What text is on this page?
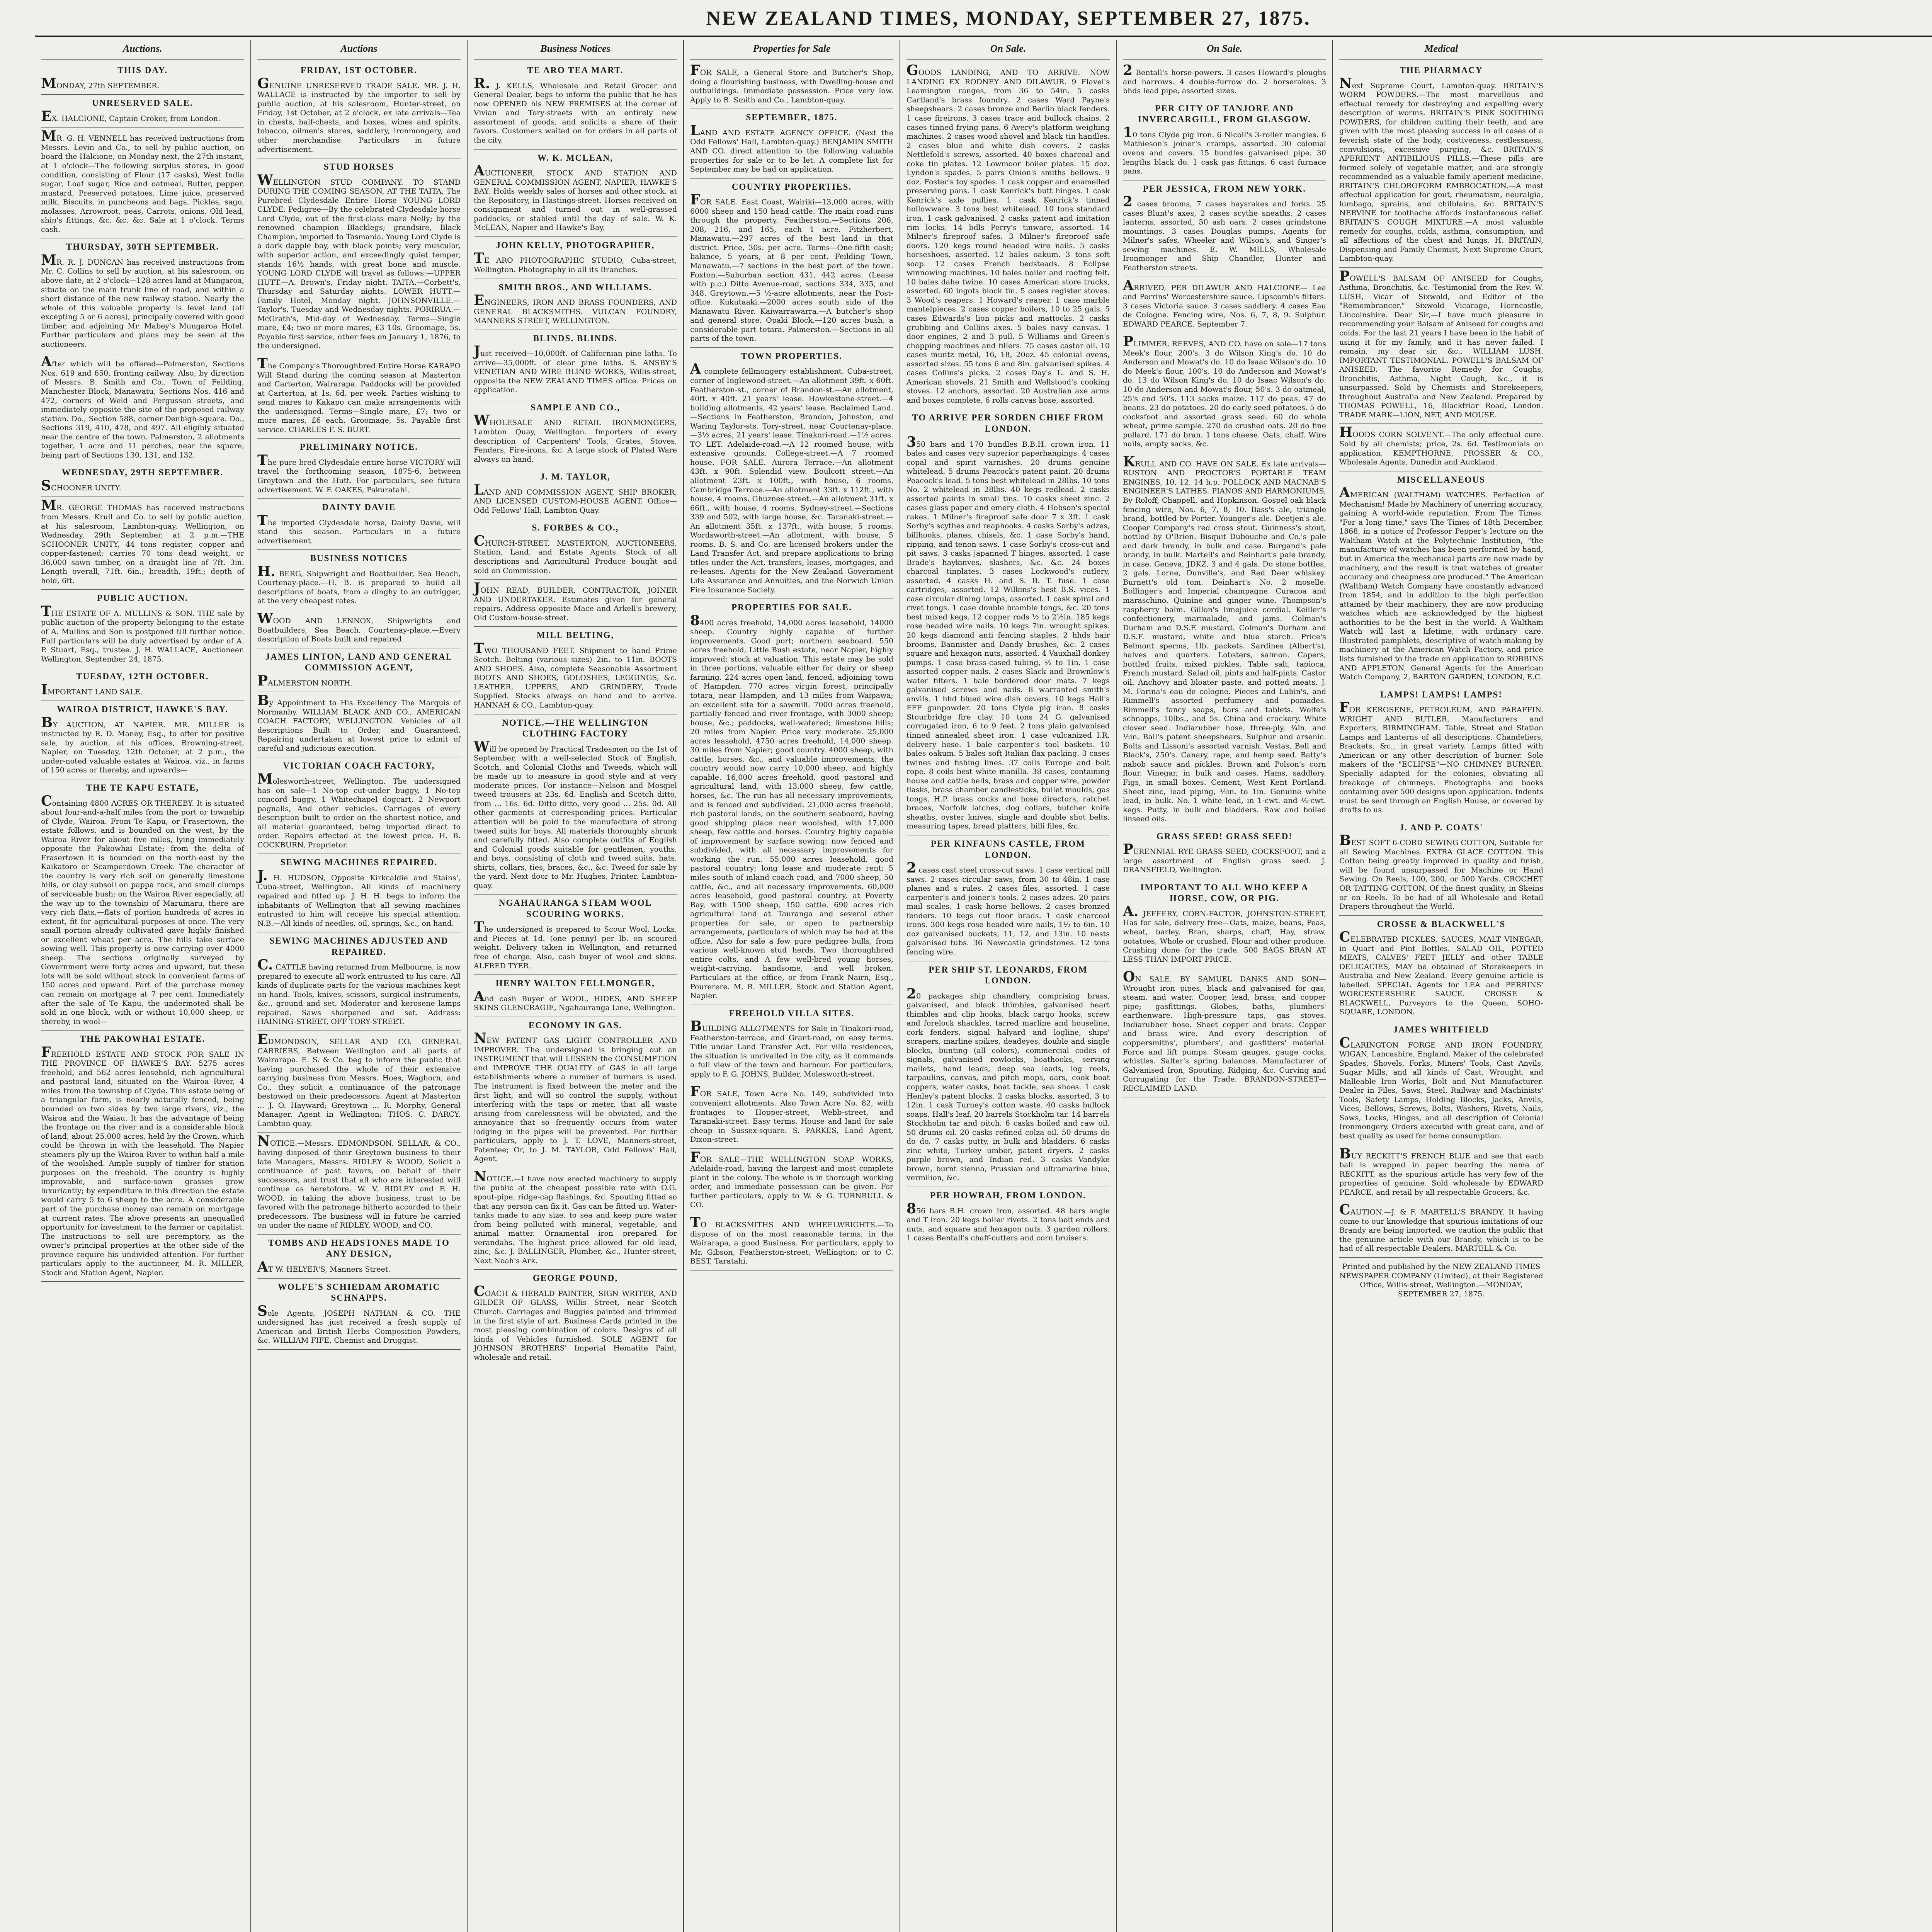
NEW ZEALAND TIMES, MONDAY, SEPTEMBER 27, 1875.
Auctions.
THIS DAY.

MONDAY, 27th SEPTEMBER.

UNRESERVED SALE.

EX. HALCIONE, Captain Croker, from London.

MR. G. H. VENNELL has received instructions from Messrs. Levin and Co., to sell by public auction, on board the Halcione, on Monday next, the 27th instant, at 1 o'clock—The following surplus stores, in good condition, consisting of Flour (17 casks), West India sugar, Loaf sugar, Rice and oatmeal, Butter, pepper, mustard, Preserved potatoes, Lime juice, preserved milk, Biscuits, in puncheons and bags, Pickles, sago, molasses, Arrowroot, peas, Carrots, onions, Old lead, ship's fittings, &c. &c. &c. Sale at 1 o'clock. Terms cash.

THURSDAY, 30TH SEPTEMBER.

MR. R. J. DUNCAN has received instructions from Mr. C. Collins to sell by auction, at his salesroom, on above date, at 2 o'clock—128 acres land at Mungaroa, situate on the main trunk line of road, and within a short distance of the new railway station. Nearly the whole of this valuable property is level land (all excepting 5 or 6 acres), principally covered with good timber, and adjoining Mr. Mabey's Mungaroa Hotel. Further particulars and plans may be seen at the auctioneers.

After which will be offered—Palmerston, Sections Nos. 619 and 650, fronting railway. Also, by direction of Messrs. B. Smith and Co., Town of Feilding, Manchester Block, Manawatu, Sections Nos. 416 and 472, corners of Weld and Fergusson streets, and immediately opposite the site of the proposed railway station. Do., Section 588, corner Denbigh-square. Do., Sections 319, 410, 478, and 497. All eligibly situated near the centre of the town. Palmerston, 2 allotments together, 1 acre and 11 perches, near the square, being part of Sections 130, 131, and 132.

WEDNESDAY, 29TH SEPTEMBER.

SCHOONER UNITY.

MR. GEORGE THOMAS has received instructions from Messrs. Krull and Co. to sell by public auction, at his salesroom, Lambton-quay, Wellington, on Wednesday, 29th September, at 2 p.m.—THE SCHOONER UNITY, 44 tons register, copper and copper-fastened; carries 70 tons dead weight, or 36,000 sawn timber, on a draught line of 7ft. 3in. Length overall, 71ft. 6in.; breadth, 19ft.; depth of hold, 6ft.

PUBLIC AUCTION.

THE ESTATE OF A. MULLINS & SON. THE sale by public auction of the property belonging to the estate of A. Mullins and Son is postponed till further notice. Full particulars will be duly advertised by order of A. P. Stuart, Esq., trustee. J. H. WALLACE, Auctioneer. Wellington, September 24, 1875.

TUESDAY, 12TH OCTOBER.

IMPORTANT LAND SALE.

WAIROA DISTRICT, HAWKE'S BAY.

BY AUCTION, AT NAPIER. MR. MILLER is instructed by R. D. Maney, Esq., to offer for positive sale, by auction, at his offices, Browning-street, Napier, on Tuesday, 12th October, at 2 p.m., the under-noted valuable estates at Wairoa, viz., in farms of 150 acres or thereby, and upwards—

THE TE KAPU ESTATE,

Containing 4800 ACRES OR THEREBY. It is situated about four-and-a-half miles from the port or township of Clyde, Wairoa. From Te Kapu, or Frasertown, the estate follows, and is bounded on the west, by the Wairoa River for about five miles, lying immediately opposite the Pakowhai Estate; from the delta of Frasertown it is bounded on the north-east by the Kaikatoro or Scamperdown Creek. The character of the country is very rich soil on generally limestone hills, or clay subsoil on pappa rock, and small clumps of serviceable bush; on the Wairoa River especially, all the way up to the township of Marumaru, there are very rich flats,—flats of portion hundreds of acres in extent, fit for agricultural purposes at once. The very small portion already cultivated gave highly finished or excellent wheat per acre. The hills take surface sowing well. This property is now carrying over 4000 sheep. The sections originally surveyed by Government were forty acres and upward, but these lots will be sold without stock in convenient farms of 150 acres and upward. Part of the purchase money can remain on mortgage at 7 per cent. Immediately after the sale of Te Kapu, the undermoted shall be sold in one block, with or without 10,000 sheep, or thereby, in wool—

THE PAKOWHAI ESTATE.

FREEHOLD ESTATE AND STOCK FOR SALE IN THE PROVINCE OF HAWKE'S BAY. 5275 acres freehold, and 562 acres leasehold, rich agricultural and pastoral land, situated on the Wairoa River, 4 miles from the township of Clyde. This estate being of a triangular form, is nearly naturally fenced, being bounded on two sides by two large rivers, viz., the Wairoa and the Waiau. It has the advantage of being the frontage on the river and is a considerable block of land, about 25,000 acres, held by the Crown, which could be thrown in with the leasehold. The Napier steamers ply up the Wairoa River to within half a mile of the woolshed. Ample supply of timber for station purposes on the freehold. The country is highly improvable, and surface-sown grasses grow luxuriantly; by expenditure in this direction the estate would carry 5 to 6 sheep to the acre. A considerable part of the purchase money can remain on mortgage at current rates. The above presents an unequalled opportunity for investment to the farmer or capitalist. The instructions to sell are peremptory, as the owner's principal properties at the other side of the province require his undivided attention. For further particulars apply to the auctioneer, M. R. MILLER, Stock and Station Agent, Napier.

Auctions
FRIDAY, 1ST OCTOBER.

GENUINE UNRESERVED TRADE SALE. MR. J. H. WALLACE is instructed by the importer to sell by public auction, at his salesroom, Hunter-street, on Friday, 1st October, at 2 o'clock, ex late arrivals—Tea in chests, half-chests, and boxes, wines and spirits, tobacco, oilmen's stores, saddlery, ironmongery, and other merchandise. Particulars in future advertisement.

STUD HORSES

WELLINGTON STUD COMPANY. TO STAND DURING THE COMING SEASON, AT THE TAITA, The Purebred Clydesdale Entire Horse YOUNG LORD CLYDE. Pedigree—By the celebrated Clydesdale horse Lord Clyde, out of the first-class mare Nelly; by the renowned champion Blacklegs; grandsire, Black Champion, imported to Tasmania. Young Lord Clyde is a dark dapple bay, with black points; very muscular, with superior action, and exceedingly quiet temper, stands 16½ hands, with great bone and muscle. YOUNG LORD CLYDE will travel as follows:—UPPER HUTT.—A. Brown's, Friday night. TAITA.—Corbett's, Thursday and Saturday nights. LOWER HUTT.—Family Hotel, Monday night. JOHNSONVILLE.—Taylor's, Tuesday and Wednesday nights. PORIRUA.—McGrath's, Mid-day of Wednesday. Terms—Single mare, £4; two or more mares, £3 10s. Groomage, 5s. Payable first service, other fees on January 1, 1876, to the undersigned.

The Company's Thoroughbred Entire Horse KARAPO Will Stand during the coming season at Masterton and Carterton, Wairarapa. Paddocks will be provided at Carterton, at 1s. 6d. per week. Parties wishing to send mares to Kakapo can make arrangements with the undersigned. Terms—Single mare, £7; two or more mares, £6 each. Groomage, 5s. Payable first service. CHARLES F. S. BURT.

PRELIMINARY NOTICE.

The pure bred Clydesdale entire horse VICTORY will travel the forthcoming season, 1875-6, between Greytown and the Hutt. For particulars, see future advertisement. W. F. OAKES, Pakuratahi.

DAINTY DAVIE

The imported Clydesdale horse, Dainty Davie, will stand this season. Particulars in a future advertisement.

BUSINESS NOTICES

H. BERG, Shipwright and Boatbuilder, Sea Beach, Courtenay-place.—H. B. is prepared to build all descriptions of boats, from a dinghy to an outrigger, at the very cheapest rates.

WOOD AND LENNOX, Shipwrights and Boatbuilders, Sea Beach, Courtenay-place.—Every description of Boats built and repaired.

JAMES LINTON, LAND AND GENERAL COMMISSION AGENT,

PALMERSTON NORTH.

By Appointment to His Excellency The Marquis of Normanby. WILLIAM BLACK AND CO., AMERICAN COACH FACTORY, WELLINGTON. Vehicles of all descriptions Built to Order, and Guaranteed. Repairing undertaken at lowest price to admit of careful and judicious execution.

VICTORIAN COACH FACTORY,

Molesworth-street, Wellington. The undersigned has on sale—1 No-top cut-under buggy, 1 No-top concord buggy, 1 Whitechapel dogcart, 2 Newport pagnalls, And other vehicles. Carriages of every description built to order on the shortest notice, and all material guaranteed, being imported direct to order. Repairs effected at the lowest price. H. B. COCKBURN, Proprietor.

SEWING MACHINES REPAIRED.

J. H. HUDSON, Opposite Kirkcaldie and Stains', Cuba-street, Wellington. All kinds of machinery repaired and fitted up. J. H. H. begs to inform the inhabitants of Wellington that all sewing machines entrusted to him will receive his special attention. N.B.—All kinds of needles, oil, springs, &c., on hand.

SEWING MACHINES ADJUSTED AND REPAIRED.

C. CATTLE having returned from Melbourne, is now prepared to execute all work entrusted to his care. All kinds of duplicate parts for the various machines kept on hand. Tools, knives, scissors, surgical instruments, &c., ground and set. Moderator and kerosene lamps repaired. Saws sharpened and set. Address: HAINING-STREET, OFF TORY-STREET.

EDMONDSON, SELLAR AND CO. GENERAL CARRIERS, Between Wellington and all parts of Wairarapa. E. S. & Co. beg to inform the public that having purchased the whole of their extensive carrying business from Messrs. Hoes, Waghorn, and Co., they solicit a continuance of the patronage bestowed on their predecessors. Agent at Masterton ... J. O. Hayward; Greytown ... R. Morphy, General Manager. Agent in Wellington: THOS. C. DARCY, Lambton-quay.

NOTICE.—Messrs. EDMONDSON, SELLAR, & CO., having disposed of their Greytown business to their late Managers, Messrs. RIDLEY & WOOD, Solicit a continuance of past favors, on behalf of their successors, and trust that all who are interested will continue as heretofore. W. V. RIDLEY and F. H. WOOD, in taking the above business, trust to be favored with the patronage hitherto accorded to their predecessors. The business will in future be carried on under the name of RIDLEY, WOOD, and CO.

TOMBS AND HEADSTONES MADE TO ANY DESIGN,

AT W. HELYER'S, Manners Street.

WOLFE'S SCHIEDAM AROMATIC SCHNAPPS.

Sole Agents, JOSEPH NATHAN & CO. THE undersigned has just received a fresh supply of American and British Herbs Composition Powders, &c. WILLIAM FIFE, Chemist and Druggist.

Business Notices
TE ARO TEA MART.

R. J. KELLS, Wholesale and Retail Grocer and General Dealer, begs to inform the public that he has now OPENED his NEW PREMISES at the corner of Vivian and Tory-streets with an entirely new assortment of goods, and solicits a share of their favors. Customers waited on for orders in all parts of the city.

W. K. MCLEAN,

AUCTIONEER, STOCK AND STATION AND GENERAL COMMISSION AGENT, NAPIER, HAWKE'S BAY. Holds weekly sales of horses and other stock, at the Repository, in Hastings-street. Horses received on consignment and turned out in well-grassed paddocks, or stabled until the day of sale. W. K. McLEAN, Napier and Hawke's Bay.

JOHN KELLY, PHOTOGRAPHER,

TE ARO PHOTOGRAPHIC STUDIO, Cuba-street, Wellington. Photography in all its Branches.

SMITH BROS., AND WILLIAMS.

ENGINEERS, IRON AND BRASS FOUNDERS, AND GENERAL BLACKSMITHS. VULCAN FOUNDRY, MANNERS STREET, WELLINGTON.

BLINDS. BLINDS.

Just received—10,000ft. of Californian pine laths. To arrive—35,000ft. of clear pine laths. S. ANSBY'S VENETIAN AND WIRE BLIND WORKS, Willis-street, opposite the NEW ZEALAND TIMES office. Prices on application.

SAMPLE AND CO.,

WHOLESALE AND RETAIL IRONMONGERS, Lambton Quay, Wellington. Importers of every description of Carpenters' Tools, Grates, Stoves, Fenders, Fire-irons, &c. A large stock of Plated Ware always on hand.

J. M. TAYLOR,

LAND AND COMMISSION AGENT, SHIP BROKER, AND LICENSED CUSTOM-HOUSE AGENT. Office—Odd Fellows' Hall, Lambton Quay.

S. FORBES & CO.,

CHURCH-STREET, MASTERTON, AUCTIONEERS, Station, Land, and Estate Agents. Stock of all descriptions and Agricultural Produce bought and sold on Commission.

JOHN READ, BUILDER, CONTRACTOR, JOINER AND UNDERTAKER. Estimates given for general repairs. Address opposite Mace and Arkell's brewery, Old Custom-house-street.

MILL BELTING,

TWO THOUSAND FEET. Shipment to hand Prime Scotch. Belting (various sizes) 2in. to 11in. BOOTS AND SHOES. Also, complete Seasonable Assortment BOOTS AND SHOES, GOLOSHES, LEGGINGS, &c. LEATHER, UPPERS, AND GRINDERY, Trade Supplied. Stocks always on hand and to arrive. HANNAH & CO., Lambton-quay.

NOTICE.—THE WELLINGTON CLOTHING FACTORY

Will be opened by Practical Tradesmen on the 1st of September, with a well-selected Stock of English, Scotch, and Colonial Cloths and Tweeds, which will be made up to measure in good style and at very moderate prices. For instance—Nelson and Mosgiel tweed trousers at 23s. 6d. English and Scotch ditto, from ... 16s. 6d. Ditto ditto, very good ... 25s. 0d. All other garments at corresponding prices. Particular attention will be paid to the manufacture of strong tweed suits for boys. All materials thoroughly shrunk and carefully fitted. Also complete outfits of English and Colonial goods suitable for gentlemen, youths, and boys, consisting of cloth and tweed suits, hats, shirts, collars, ties, braces, &c., &c. Tweed for sale by the yard. Next door to Mr. Hughes, Printer, Lambton-quay.

NGAHAURANGA STEAM WOOL SCOURING WORKS.

The undersigned is prepared to Scour Wool, Locks, and Pieces at 1d. (one penny) per lb. on scoured weight. Delivery taken in Wellington, and returned free of charge. Also, cash buyer of wool and skins. ALFRED TYER.

HENRY WALTON FELLMONGER,

And cash Buyer of WOOL, HIDES, AND SHEEP SKINS GLENCRAGIE, Ngahauranga Line, Wellington.

ECONOMY IN GAS.

NEW PATENT GAS LIGHT CONTROLLER AND IMPROVER. The undersigned is bringing out an INSTRUMENT that will LESSEN the CONSUMPTION and IMPROVE THE QUALITY of GAS in all large establishments where a number of burners is used. The instrument is fixed between the meter and the first light, and will so control the supply, without interfering with the taps or meter, that all waste arising from carelessness will be obviated, and the annoyance that so frequently occurs from water lodging in the pipes will be prevented. For further particulars, apply to J. T. LOVE, Manners-street, Patentee; Or, to J. M. TAYLOR, Odd Fellows' Hall, Agent.

NOTICE.—I have now erected machinery to supply the public at the cheapest possible rate with O.G. spout-pipe, ridge-cap flashings, &c. Spouting fitted so that any person can fix it. Gas can be fitted up. Water-tanks made to any size, to sea and keep pure water from being polluted with mineral, vegetable, and animal matter. Ornamental iron prepared for verandahs. The highest price allowed for old lead, zinc, &c. J. BALLINGER, Plumber, &c., Hunter-street, Next Noah's Ark.

GEORGE POUND,

COACH & HERALD PAINTER, SIGN WRITER, AND GILDER OF GLASS, Willis Street, near Scotch Church. Carriages and Buggies painted and trimmed in the first style of art. Business Cards printed in the most pleasing combination of colors. Designs of all kinds of Vehicles furnished. SOLE AGENT for JOHNSON BROTHERS' Imperial Hematite Paint, wholesale and retail.

Properties for Sale

FOR SALE, a General Store and Butcher's Shop, doing a flourishing business, with Dwelling-house and outbuildings. Immediate possession. Price very low. Apply to B. Smith and Co., Lambton-quay.

SEPTEMBER, 1875.

LAND AND ESTATE AGENCY OFFICE. (Next the Odd Fellows' Hall, Lambton-quay.) BENJAMIN SMITH AND CO. direct attention to the following valuable properties for sale or to be let. A complete list for September may be had on application.

COUNTRY PROPERTIES.

FOR SALE. East Coast, Wairiki—13,000 acres, with 6000 sheep and 150 head cattle. The main road runs through the property. Featherston.—Sections 206, 208, 216, and 165, each 1 acre. Fitzherbert, Manawatu.—297 acres of the best land in that district. Price, 30s. per acre. Terms—One-fifth cash; balance, 5 years, at 8 per cent. Feilding Town, Manawatu.—7 sections in the best part of the town. Foxton.—Suburban section 431, 442 acres. (Lease with p.c.) Ditto Avenue-road, sections 334, 335, and 348. Greytown.—5 ½-acre allotments, near the Post-office. Kukutaaki.—2000 acres south side of the Manawatu River. Kaiwarrawarra.—A butcher's shop and general store. Opaki Block.—120 acres bush, a considerable part totara. Palmerston.—Sections in all parts of the town.

TOWN PROPERTIES.

A complete fellmongery establishment. Cuba-street, corner of Inglewood-street.—An allotment 39ft. x 60ft. Featherston-st., corner of Brandon-st.—An allotment, 40ft. x 40ft. 21 years' lease. Hawkestone-street.—4 building allotments, 42 years' lease. Reclaimed Land.—Sections in Featherston, Brandon, Johnston, and Waring Taylor-sts. Tory-street, near Courtenay-place.—3½ acres, 21 years' lease. Tinakori-road.—1½ acres. TO LET. Adelaide-road.—A 12 roomed house, with extensive grounds. College-street.—A 7 roomed house. FOR SALE. Aurora Terrace.—An allotment 43ft. x 90ft. Splendid view. Boulcott street.—An allotment 23ft. x 100ft., with house, 6 rooms. Cambridge Terrace.—An allotment 33ft. x 112ft., with house, 4 rooms. Ghuznee-street.—An allotment 31ft. x 66ft., with house, 4 rooms. Sydney-street.—Sections 339 and 502, with large house, &c. Taranaki-street.—An allotment 35ft. x 137ft., with house, 5 rooms. Wordsworth-street.—An allotment, with house, 5 rooms. B. S. and Co. are licensed brokers under the Land Transfer Act, and prepare applications to bring titles under the Act, transfers, leases, mortgages, and re-leases. Agents for the New Zealand Government Life Assurance and Annuities, and the Norwich Union Fire Insurance Society.

PROPERTIES FOR SALE.

8400 acres freehold, 14,000 acres leasehold, 14000 sheep. Country highly capable of further improvements. Good port; northern seaboard. 550 acres freehold, Little Bush estate, near Napier, highly improved; stock at valuation. This estate may be sold in three portions, valuable either for dairy or sheep farming. 224 acres open land, fenced, adjoining town of Hampden. 770 acres virgin forest, principally totara, near Hampden, and 13 miles from Waipawa; an excellent site for a sawmill. 7000 acres freehold, partially fenced and river frontage, with 3000 sheep; house, &c.; paddocks, well-watered; limestone hills; 20 miles from Napier. Price very moderate. 25,000 acres leasehold, 4750 acres freehold, 14,000 sheep. 30 miles from Napier; good country. 4000 sheep, with cattle, horses, &c., and valuable improvements; the country would now carry 10,000 sheep, and highly capable. 16,000 acres freehold, good pastoral and agricultural land, with 13,000 sheep, few cattle, horses, &c. The run has all necessary improvements, and is fenced and subdivided. 21,000 acres freehold, rich pastoral lands, on the southern seaboard, having good shipping place near woolshed, with 17,000 sheep, few cattle and horses. Country highly capable of improvement by surface sowing; now fenced and subdivided, with all necessary improvements for working the run. 55,000 acres leasehold, good pastoral country; long lease and moderate rent; 5 miles south of inland coach road, and 7000 sheep, 50 cattle, &c., and all necessary improvements. 60,000 acres leasehold, good pastoral country, at Poverty Bay, with 1500 sheep, 150 cattle. 690 acres rich agricultural land at Tauranga and several other properties for sale, or open to partnership arrangements, particulars of which may be had at the office. Also for sale a few pure pedigree bulls, from various well-known stud herds. Two thoroughbred entire colts, and A few well-bred young horses, weight-carrying, handsome, and well broken. Particulars at the office, or from Frank Nairn, Esq., Pourerere. M. R. MILLER, Stock and Station Agent, Napier.

FREEHOLD VILLA SITES.

BUILDING ALLOTMENTS for Sale in Tinakori-road, Featherston-terrace, and Grant-road, on easy terms. Title under Land Transfer Act. For villa residences, the situation is unrivalled in the city, as it commands a full view of the town and harbour. For particulars, apply to F. G. JOHNS, Builder, Molesworth-street.

FOR SALE, Town Acre No. 149, subdivided into convenient allotments. Also Town Acre No. 82, with frontages to Hopper-street, Webb-street, and Taranaki-street. Easy terms. House and land for sale cheap in Sussex-square. S. PARKES, Land Agent, Dixon-street.

FOR SALE—THE WELLINGTON SOAP WORKS, Adelaide-road, having the largest and most complete plant in the colony. The whole is in thorough working order, and immediate possession can be given. For further particulars, apply to W. & G. TURNBULL & CO.

TO BLACKSMITHS AND WHEELWRIGHTS.—To dispose of on the most reasonable terms, in the Wairarapa, a good Business. For particulars, apply to Mr. Gibson, Featherston-street, Wellington; or to C. BEST, Taratahi.

On Sale.

GOODS LANDING, AND TO ARRIVE. NOW LANDING EX RODNEY AND DILAWUR. 9 Flavel's Leamington ranges, from 36 to 54in. 5 casks Cartland's brass foundry. 2 cases Ward Payne's sheepshears. 2 cases bronze and Berlin black fenders. 1 case fireirons. 3 cases trace and bullock chains. 2 cases tinned frying pans. 6 Avery's platform weighing machines. 2 cases wood shovel and black tin handles. 2 cases blue and white dish covers. 2 casks Nettlefold's screws, assorted. 40 boxes charcoal and coke tin plates. 12 Lowmoor boiler plates. 15 doz. Lyndon's spades. 5 pairs Onion's smiths bellows. 9 doz. Foster's toy spades. 1 cask copper and enamelled preserving pans. 1 cask Kenrick's butt hinges. 1 cask Kenrick's axle pullies. 1 cask Kenrick's tinned hollowware. 3 tons best whitelead. 10 tons standard iron. 1 cask galvanised. 2 casks patent and imitation rim locks. 14 bdls Perry's tinware, assorted. 14 Milner's fireproof safes. 3 Milner's fireproof safe doors. 120 kegs round headed wire nails. 5 casks horseshoes, assorted. 12 bales oakum. 3 tons soft soap. 12 cases French bedsteads. 8 Eclipse winnowing machines. 10 bales boiler and roofing felt. 10 bales dahe twine. 10 cases American store trucks, assorted. 60 ingots block tin. 5 cases register stoves. 3 Wood's reapers. 1 Howard's reaper. 1 case marble mantelpieces. 2 cases copper boilers, 10 to 25 gals. 5 cases Edwards's lion picks and mattocks. 2 casks grubbing and Collins axes. 5 bales navy canvas. 1 door engines, 2 and 3 pull. 5 Williams and Green's chopping machines and fillers. 75 cases castor oil. 10 cases muntz metal, 16, 18, 20oz. 45 colonial ovens, assorted sizes. 55 tons 6 and 8in. galvanised spikes. 4 cases Collins's picks. 2 cases Day's L. and S. H. American shovels. 21 Smith and Wellstood's cooking stoves. 12 anchors, assorted. 20 Australian axe arms and boxes complete, 6 rolls canvas hose, assorted.

TO ARRIVE PER SORDEN CHIEF FROM LONDON.

350 bars and 170 bundles B.B.H. crown iron. 11 bales and cases very superior paperhangings. 4 cases copal and spirit varnishes. 20 drums genuine whitelead. 5 drums Peacock's patent paint. 20 drums Peacock's lead. 5 tons best whitelead in 28lbs. 10 tons No. 2 whitelead in 28lbs. 40 kegs redlead. 2 casks assorted paints in small tins. 10 casks sheet zinc. 2 cases glass paper and emery cloth. 4 Hobson's special rakes. 1 Milner's fireproof safe door 7 x 3ft. 1 cask Sorby's scythes and reaphooks. 4 casks Sorby's adzes, billhooks, planes, chisels, &c. 1 case Sorby's hand, ripping, and tenon saws. 1 case Sorby's cross-cut and pit saws. 3 casks japanned T hinges, assorted. 1 case Brade's haykinves, slashers, &c. &c. 24 boxes charcoal tinplates. 3 cases Lockwood's cutlery, assorted. 4 casks H. and S. B. T. fuse. 1 case cartridges, assorted. 12 Wilkins's best B.S. vices. 1 case circular dining lamps, assorted. 1 cask spiral and rivet tongs. 1 case double bramble tongs, &c. 20 tons best mixed kegs. 12 copper rods ½ to 2½in. 185 kegs rose headed wire nails. 10 kegs 7in. wrought spikes. 20 kegs diamond anti fencing staples. 2 hhds hair brooms, Bannister and Dandy brushes, &c. 2 cases square and hexagon nuts, assorted. 4 Vauxhall donkey pumps. 1 case brass-cased tubing, ½ to 1in. 1 case assorted copper nails. 2 cases Slack and Brownlow's water filters. 1 bale bordered door mats. 7 kegs galvanised screws and nails. 8 warranted smith's anvils. 1 hhd blued wire dish covers. 10 kegs Hall's FFF gunpowder. 20 tons Clyde pig iron. 8 casks Stourbridge fire clay. 10 tons 24 G. galvanised corrugated iron, 6 to 9 feet. 2 tons plain galvanised tinned annealed sheet iron. 1 case vulcanized I.R. delivery hose. 1 bale carpenter's tool baskets. 10 bales oakum. 5 bales soft Italian flax packing. 3 cases twines and fishing lines. 37 coils Europe and bolt rope. 8 coils best white manilla. 38 cases, containing house and cattle bells, brass and copper wire, powder flasks, brass chamber candlesticks, bullet moulds, gas tongs, H.P. brass cocks and hose directors, ratchet braces, Norfolk latches, dog collars, butcher knife sheaths, oyster knives, single and double shot belts, measuring tapes, bread platters, billi files, &c.

PER KINFAUNS CASTLE, FROM LONDON.

2 cases cast steel cross-cut saws. 1 case vertical mill saws. 2 cases circular saws, from 30 to 48in. 1 case planes and s rules. 2 cases files, assorted. 1 case carpenter's and joiner's tools. 2 cases adzes. 20 pairs mail scales. 1 cask horse bellows. 2 cases bronzed fenders. 10 kegs cut floor brads. 1 cask charcoal irons. 300 kegs rose headed wire nails, 1½ to 6in. 10 doz galvanised buckets, 11, 12, and 13in. 10 nests galvanised tubs. 36 Newcastle grindstones. 12 tons fencing wire.

PER SHIP ST. LEONARDS, FROM LONDON.

20 packages ship chandlery, comprising brass, galvanised, and black thimbles, galvanised heart thimbles and clip hooks, black cargo hooks, screw and forelock shackles, tarred marline and houseline, cork fenders, signal halyard and logline, ships' scrapers, marline spikes, deadeyes, double and single blocks, bunting (all colors), commercial codes of signals, galvanised rowlocks, boathooks, serving mallets, hand leads, deep sea leads, log reels, tarpaulins, canvas, and pitch mops, oars, cook boat coppers, water casks, boat tackle, sea shoes. 1 cask Henley's patent blocks. 2 casks blocks, assorted, 3 to 12in. 1 cask Turney's cotton waste. 40 casks bullock soaps, Hall's leaf. 20 barrels Stockholm tar. 14 barrels Stockholm tar and pitch. 6 casks boiled and raw oil. 50 drums oil. 20 casks refined colza oil. 50 drums do do do. 7 casks putty, in bulk and bladders. 6 casks zinc white, Turkey umber, patent dryers. 2 casks purple brown, and Indian red. 3 casks Vandyke brown, burnt sienna, Prussian and ultramarine blue, vermilion, &c.

PER HOWRAH, FROM LONDON.

856 bars B.H. crown iron, assorted. 48 bars angle and T iron. 20 kegs boiler rivets. 2 tons bolt ends and nuts, and square and hexagon nuts. 3 garden rollers. 1 cases Bentall's chaff-cutters and corn bruisers.

On Sale.

2 Bentall's horse-powers. 3 cases Howard's ploughs and harrows. 4 double-furrow do. 2 horserakes. 3 bhds lead pipe, assorted sizes.

PER CITY OF TANJORE AND INVERCARGILL, FROM GLASGOW.

10 tons Clyde pig iron. 6 Nicoll's 3-roller mangles. 6 Mathieson's joiner's cramps, assorted. 30 colonial ovens and covers. 15 bundles galvanised pipe. 30 lengths black do. 1 cask gas fittings. 6 cast furnace pans.

PER JESSICA, FROM NEW YORK.

2 cases brooms, 7 cases haysrakes and forks. 25 cases Blunt's axes, 2 cases scythe sneaths. 2 cases lanterns, assorted, 50 ash oars. 2 cases grindstone mountings. 3 cases Douglas pumps. Agents for Milner's safes, Wheeler and Wilson's, and Singer's sewing machines. E. W. MILLS, Wholesale Ironmonger and Ship Chandler, Hunter and Featherston streets.

ARRIVED, PER DILAWUR AND HALCIONE— Lea and Perrins' Worcestershire sauce. Lipscomb's filters. 3 cases Victoria sauce. 3 cases saddlery. 4 cases Eau de Cologne. Fencing wire, Nos. 6, 7, 8, 9. Sulphur. EDWARD PEARCE. September 7.

PLIMMER, REEVES, AND CO. have on sale—17 tons Meek's flour, 200's. 3 do Wilson King's do. 10 do Anderson and Mowat's do. 10 do Isaac Wilson's do. 10 do Meek's flour, 100's. 10 do Anderson and Mowat's do. 13 do Wilson King's do. 10 do Isaac Wilson's do. 10 do Anderson and Mowat's flour, 50's. 3 do oatmeal, 25's and 50's. 113 sacks maize. 117 do peas. 47 do beans. 23 do potatoes. 20 do early seed potatoes. 5 do cocksfoot and assorted grass seed. 60 do whole wheat, prime sample. 270 do crushed oats. 20 do fine pollard. 171 do bran. 1 tons cheese. Oats, chaff. Wire nails, empty sacks, &c.

KRULL AND CO. HAVE ON SALE. Ex late arrivals— RUSTON AND PROCTOR'S PORTABLE TEAM ENGINES, 10, 12, 14 h.p. POLLOCK AND MACNAB'S ENGINEER'S LATHES. PIANOS AND HARMONIUMS, By Roloff, Chappell, and Hopkinson. Gospel oak black fencing wire, Nos. 6, 7, 8, 10. Bass's ale, triangle brand, bottled by Porter. Younger's ale. Deetjen's ale. Cooper Company's red cross stout. Guinness's stout, bottled by O'Brien. Bisquit Dubouche and Co.'s pale and dark brandy, in bulk and case. Burgand's pale brandy, in bulk. Martell's and Reinhart's pale brandy, in case. Geneva, JDKZ, 3 and 4 gals. Do stone bottles, 2 gals. Lorne, Dunville's, and Red Deer whiskey. Burnett's old tom. Deinhart's No. 2 moselle. Bollinger's and Imperial champagne. Curacoa and maraschino. Quinine and ginger wine. Thompson's raspberry balm. Gillon's limejuice cordial. Keiller's confectionery, marmalade, and jams. Colman's Durham and D.S.F. mustard. Colman's Durham and D.S.F. mustard, white and blue starch. Price's Belmont sperms, 1lb. packets. Sardines (Albert's), halves and quarters. Lobsters, salmon. Capers, bottled fruits, mixed pickles. Table salt, tapioca, French mustard. Salad oil, pints and half-pints. Castor oil. Anchovy and bloater paste, and potted meats. J. M. Farina's eau de cologne. Pieces and Lubin's, and Rimmell's assorted perfumery and pomades. Rimmell's fancy soaps, bars and tablets. Wolfe's schnapps, 10lbs., and 5s. China and crockery. White clover seed. Indiarubber hose, three-ply, ¾in. and ½in. Ball's patent sheepshears. Sulphur and arsenic. Bolts and Lissoni's assorted varnish. Vestas, Bell and Black's, 250's. Canary, rape, and hemp seed. Batty's nabob sauce and pickles. Brown and Polson's corn flour. Vinegar, in bulk and cases. Hams, saddlery. Figs, in small boxes. Cement, West Kent Portland. Sheet zinc, lead piping, ½in. to 1in. Genuine white lead, in bulk. No. 1 white lead, in 1-cwt. and ½-cwt. kegs. Putty, in bulk and bladders. Raw and boiled linseed oils.

GRASS SEED! GRASS SEED!

PERENNIAL RYE GRASS SEED, COCKSFOOT, and a large assortment of English grass seed. J. DRANSFIELD, Wellington.

IMPORTANT TO ALL WHO KEEP A HORSE, COW, OR PIG.

A. JEFFERY, CORN-FACTOR, JOHNSTON-STREET, Has for sale, delivery free—Oats, maize, beans, Peas, wheat, barley, Bran, sharps, chaff, Hay, straw, potatoes, Whole or crushed. Flour and other produce. Crushing done for the trade. 500 BAGS BRAN AT LESS THAN IMPORT PRICE.

ON SALE, BY SAMUEL DANKS AND SON— Wrought iron pipes, black and galvanised for gas, steam, and water. Cooper, lead, brass, and copper pipe; gasfittings. Globes, baths, plumbers' earthenware. High-pressure taps, gas stoves. Indiarubber hose. Sheet copper and brass. Copper and brass wire. And every description of coppersmiths', plumbers', and gasfitters' material. Force and lift pumps. Steam gauges, gauge cocks, whistles. Salter's spring balances. Manufacturer of Galvanised Iron, Spouting, Ridging, &c. Curving and Corrugating for the Trade. BRANDON-STREET—RECLAIMED LAND.

Medical
THE PHARMACY

Next Supreme Court, Lambton-quay. BRITAIN'S WORM POWDERS.—The most marvellous and effectual remedy for destroying and expelling every description of worms. BRITAIN'S PINK SOOTHING POWDERS, for children cutting their teeth, and are given with the most pleasing success in all cases of a feverish state of the body, costiveness, restlessness, convulsions, excessive purging, &c. BRITAIN'S APERIENT ANTIBILIOUS PILLS.—These pills are formed solely of vegetable matter, and are strongly recommended as a valuable family aperient medicine. BRITAIN'S CHLOROFORM EMBROCATION.—A most effectual application for gout, rheumatism, neuralgia, lumbago, sprains, and chilblains, &c. BRITAIN'S NERVINE for toothache affords instantaneous relief. BRITAIN'S COUGH MIXTURE.—A most valuable remedy for coughs, colds, asthma, consumption, and all affections of the chest and lungs. H. BRITAIN, Dispensing and Family Chemist, Next Supreme Court, Lambton-quay.

POWELL'S BALSAM OF ANISEED for Coughs, Asthma, Bronchitis, &c. Testimonial from the Rev. W. LUSH, Vicar of Sixwold, and Editor of the "Remembrancer." Sixwold Vicarage, Horncastle, Lincolnshire. Dear Sir,—I have much pleasure in recommending your Balsam of Aniseed for coughs and colds. For the last 21 years I have been in the habit of using it for my family, and it has never failed. I remain, my dear sir, &c., WILLIAM LUSH. IMPORTANT TESTIMONIAL. POWELL'S BALSAM OF ANISEED. The favorite Remedy for Coughs, Bronchitis, Asthma, Night Cough, &c., it is unsurpassed. Sold by Chemists and Storekeepers, throughout Australia and New Zealand. Prepared by THOMAS POWELL, 16, Blackfriar Road, London. TRADE MARK—LION, NET, AND MOUSE.

HOODS CORN SOLVENT.—The only effectual cure. Sold by all chemists; price, 2s. 6d. Testimonials on application. KEMPTHORNE, PROSSER & CO., Wholesale Agents, Dunedin and Auckland.

MISCELLANEOUS

AMERICAN (WALTHAM) WATCHES. Perfection of Mechanism! Made by Machinery of unerring accuracy, gaining A world-wide reputation. From The Times. "For a long time," says The Times of 18th December, 1868, in a notice of Professor Pepper's lecture on the Waltham Watch at the Polytechnic Institution, "the manufacture of watches has been performed by hand, but in America the mechanical parts are now made by machinery, and the result is that watches of greater accuracy and cheapness are produced." The American (Waltham) Watch Company have constantly advanced from 1854, and in addition to the high perfection attained by their machinery, they are now producing watches which are acknowledged by the highest authorities to be the best in the world. A Waltham Watch will last a lifetime, with ordinary care. Illustrated pamphlets, descriptive of watch-making by machinery at the American Watch Factory, and price lists furnished to the trade on application to ROBBINS AND APPLETON, General Agents for the American Watch Company, 2, BARTON GARDEN, LONDON, E.C.

LAMPS! LAMPS! LAMPS!

FOR KEROSENE, PETROLEUM, AND PARAFFIN. WRIGHT AND BUTLER, Manufacturers and Exporters, BIRMINGHAM. Table, Street and Station Lamps and Lanterns of all descriptions. Chandeliers, Brackets, &c., in great variety. Lamps fitted with American or any other description of burner. Sole makers of the "ECLIPSE"—NO CHIMNEY BURNER. Specially adapted for the colonies, obviating all breakage of chimneys. Photographs and books containing over 500 designs upon application. Indents must be sent through an English House, or covered by drafts to us.

J. AND P. COATS'

BEST SOFT 6-CORD SEWING COTTON, Suitable for all Sewing Machines. EXTRA GLACE COTTON. This Cotton being greatly improved in quality and finish, will be found unsurpassed for Machine or Hand Sewing. On Reels, 100, 200, or 500 Yards. CROCHET OR TATTING COTTON, Of the finest quality, in Skeins or on Reels. To be had of all Wholesale and Retail Drapers throughout the World.

CROSSE & BLACKWELL'S

CELEBRATED PICKLES, SAUCES, MALT VINEGAR, in Quart and Pint Bottles. SALAD OIL, POTTED MEATS, CALVES' FEET JELLY and other TABLE DELICACIES, MAY be obtained of Storekeepers in Australia and New Zealand. Every genuine article is labelled. SPECIAL Agents for LEA and PERRINS' WORCESTERSHIRE SAUCE. CROSSE & BLACKWELL, Purveyors to the Queen, SOHO-SQUARE, LONDON.

JAMES WHITFIELD

CLARINGTON FORGE AND IRON FOUNDRY, WIGAN, Lancashire, England. Maker of the celebrated Spades, Shovels, Forks, Miners' Tools, Cast Anvils, Sugar Mills, and all kinds of Cast, Wrought, and Malleable Iron Works, Bolt and Nut Manufacturer. Dealer in Files, Saws, Steel, Railway and Machinists' Tools, Safety Lamps, Holding Blocks, Jacks, Anvils, Vices, Bellows, Screws, Bolts, Washers, Rivets, Nails, Saws, Locks, Hinges, and all description of Colonial Ironmongery. Orders executed with great care, and of best quality as used for home consumption.

BUY RECKITT'S FRENCH BLUE and see that each ball is wrapped in paper bearing the name of RECKITT, as the spurious article has very few of the properties of genuine. Sold wholesale by EDWARD PEARCE, and retail by all respectable Grocers, &c.

CAUTION.—J. & F. MARTELL'S BRANDY. It having come to our knowledge that spurious imitations of our Brandy are being imported, we caution the public that the genuine article with our Brandy, which is to be had of all respectable Dealers. MARTELL & Co.

Printed and published by the NEW ZEALAND TIMES NEWSPAPER COMPANY (Limited), at their Registered Office, Willis-street, Wellington.—MONDAY, SEPTEMBER 27, 1875.
